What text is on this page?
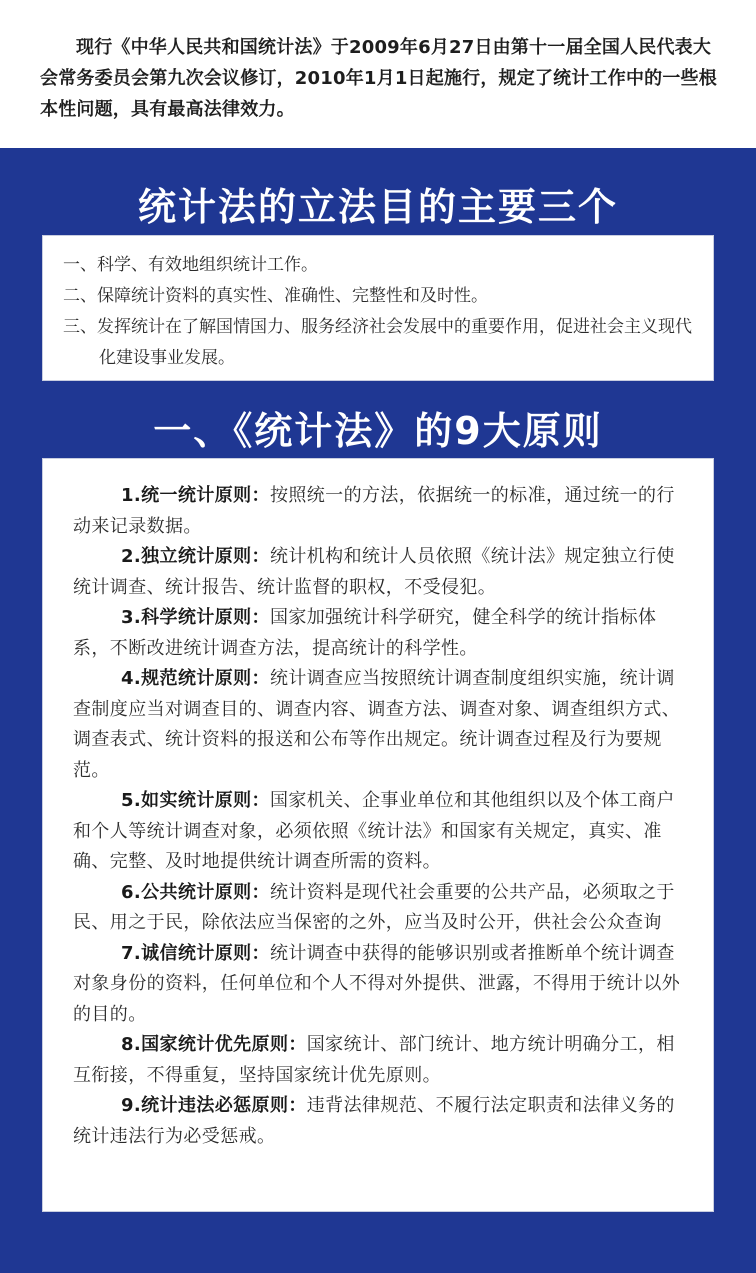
现行《中华人民共和国统计法》于2009年6月27日由第十一届全国人民代表大会常务委员会第九次会议修订，2010年1月1日起施行，规定了统计工作中的一些根本性问题，具有最高法律效力。
统计法的立法目的主要三个
一、科学、有效地组织统计工作。
二、保障统计资料的真实性、准确性、完整性和及时性。
三、发挥统计在了解国情国力、服务经济社会发展中的重要作用，促进社会主义现代化建设事业发展。
一、《统计法》的9大原则
1.统一统计原则：按照统一的方法，依据统一的标准，通过统一的行动来记录数据。
2.独立统计原则：统计机构和统计人员依照《统计法》规定独立行使统计调查、统计报告、统计监督的职权，不受侵犯。
3.科学统计原则：国家加强统计科学研究，健全科学的统计指标体系，不断改进统计调查方法，提高统计的科学性。
4.规范统计原则：统计调查应当按照统计调查制度组织实施，统计调查制度应当对调查目的、调查内容、调查方法、调查对象、调查组织方式、调查表式、统计资料的报送和公布等作出规定。统计调查过程及行为要规范。
5.如实统计原则：国家机关、企事业单位和其他组织以及个体工商户和个人等统计调查对象，必须依照《统计法》和国家有关规定，真实、准确、完整、及时地提供统计调查所需的资料。
6.公共统计原则：统计资料是现代社会重要的公共产品，必须取之于民、用之于民，除依法应当保密的之外，应当及时公开，供社会公众查询
7.诚信统计原则：统计调查中获得的能够识别或者推断单个统计调查对象身份的资料，任何单位和个人不得对外提供、泄露，不得用于统计以外的目的。
8.国家统计优先原则：国家统计、部门统计、地方统计明确分工，相互衔接，不得重复，坚持国家统计优先原则。
9.统计违法必惩原则：违背法律规范、不履行法定职责和法律义务的统计违法行为必受惩戒。
